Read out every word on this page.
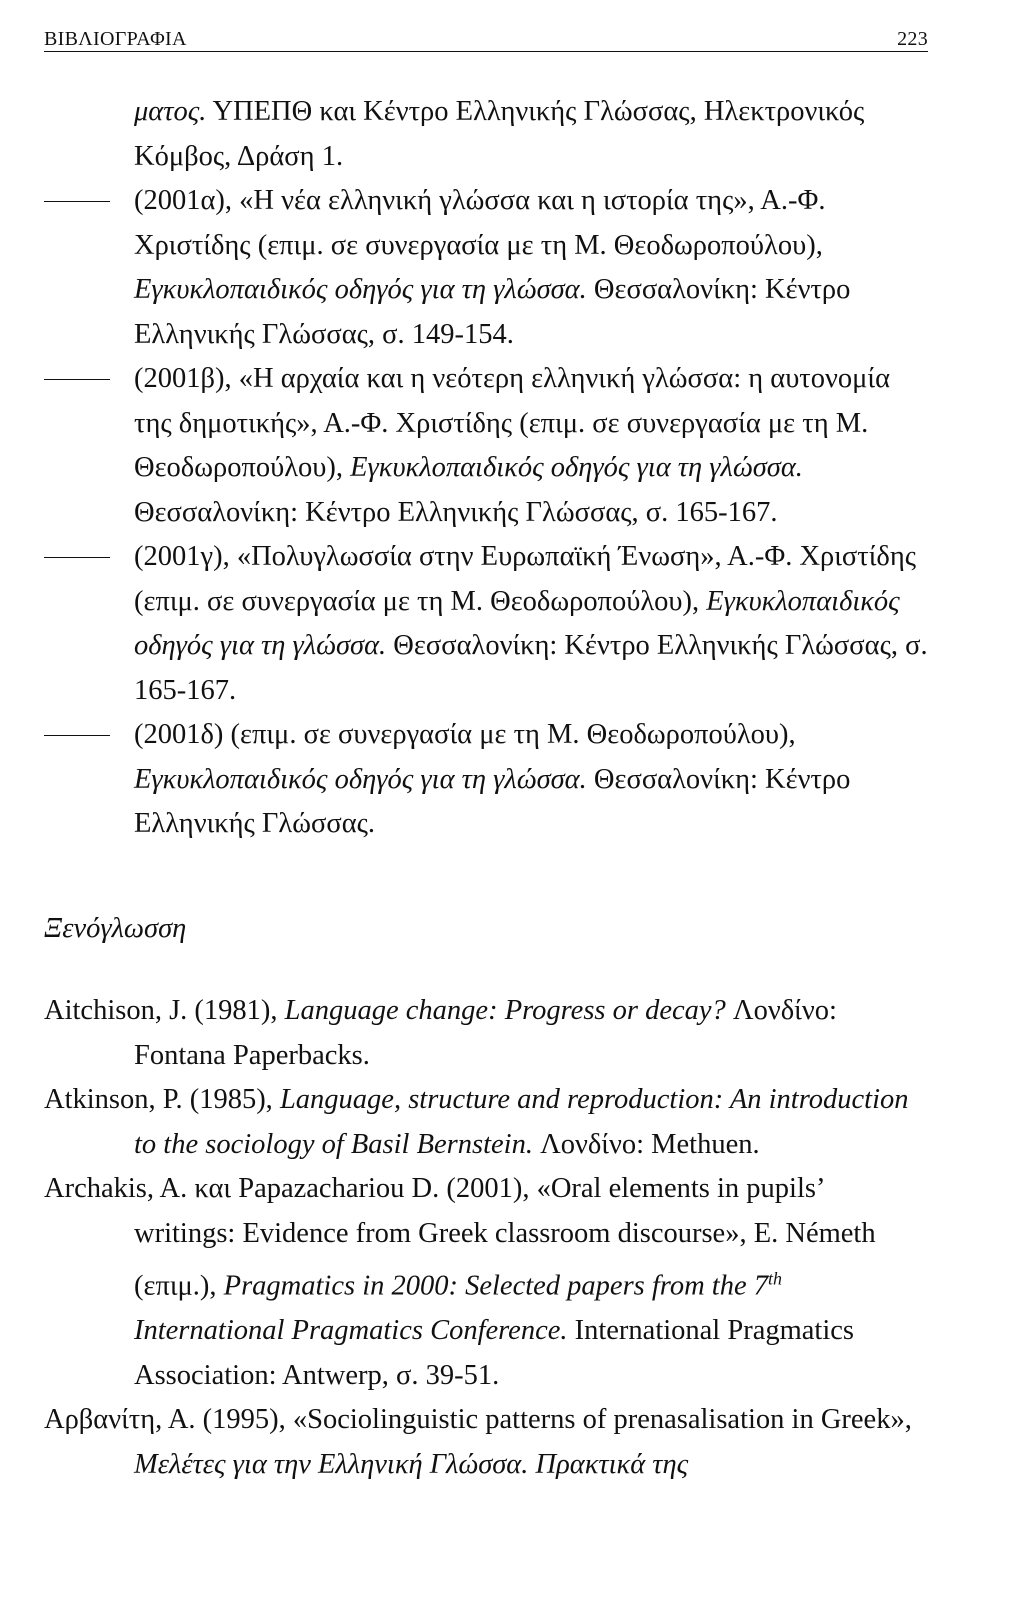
ΒΙΒΛΙΟΓΡΑΦΙΑ	223

ματος. ΥΠΕΠΘ και Κέντρο Ελληνικής Γλώσσας, Ηλεκτρονικός Κόμβος, Δράση 1.

(2001α), «Η νέα ελληνική γλώσσα και η ιστορία της», Α.-Φ. Χριστίδης (επιμ. σε συνεργασία με τη Μ. Θεοδωροπούλου), Εγκυκλοπαιδικός οδηγός για τη γλώσσα. Θεσσαλονίκη: Κέντρο Ελληνικής Γλώσσας, σ. 149-154.

(2001β), «Η αρχαία και η νεότερη ελληνική γλώσσα: η αυτονομία της δημοτικής», Α.-Φ. Χριστίδης (επιμ. σε συνεργασία με τη Μ. Θεοδωροπούλου), Εγκυκλοπαιδικός οδηγός για τη γλώσσα. Θεσσαλονίκη: Κέντρο Ελληνικής Γλώσσας, σ. 165-167.

(2001γ), «Πολυγλωσσία στην Ευρωπαϊκή Ένωση», Α.-Φ. Χριστίδης (επιμ. σε συνεργασία με τη Μ. Θεοδωροπούλου), Εγκυκλοπαιδικός οδηγός για τη γλώσσα. Θεσσαλονίκη: Κέντρο Ελληνικής Γλώσσας, σ. 165-167.

(2001δ) (επιμ. σε συνεργασία με τη Μ. Θεοδωροπούλου), Εγκυκλοπαιδικός οδηγός για τη γλώσσα. Θεσσαλονίκη: Κέντρο Ελληνικής Γλώσσας.

Ξενόγλωσση

Aitchison, J. (1981), Language change: Progress or decay? Λονδίνο: Fontana Paperbacks.

Atkinson, P. (1985), Language, structure and reproduction: An introduction to the sociology of Basil Bernstein. Λονδίνο: Methuen.

Archakis, A. και Papazachariou D. (2001), «Oral elements in pupils’ writings: Evidence from Greek classroom discourse», E. Németh (επιμ.), Pragmatics in 2000: Selected papers from the 7th International Pragmatics Conference. International Pragmatics Association: Antwerp, σ. 39-51.

Αρβανίτη, Α. (1995), «Sociolinguistic patterns of prenasalisation in Greek», Μελέτες για την Ελληνική Γλώσσα. Πρακτικά της
